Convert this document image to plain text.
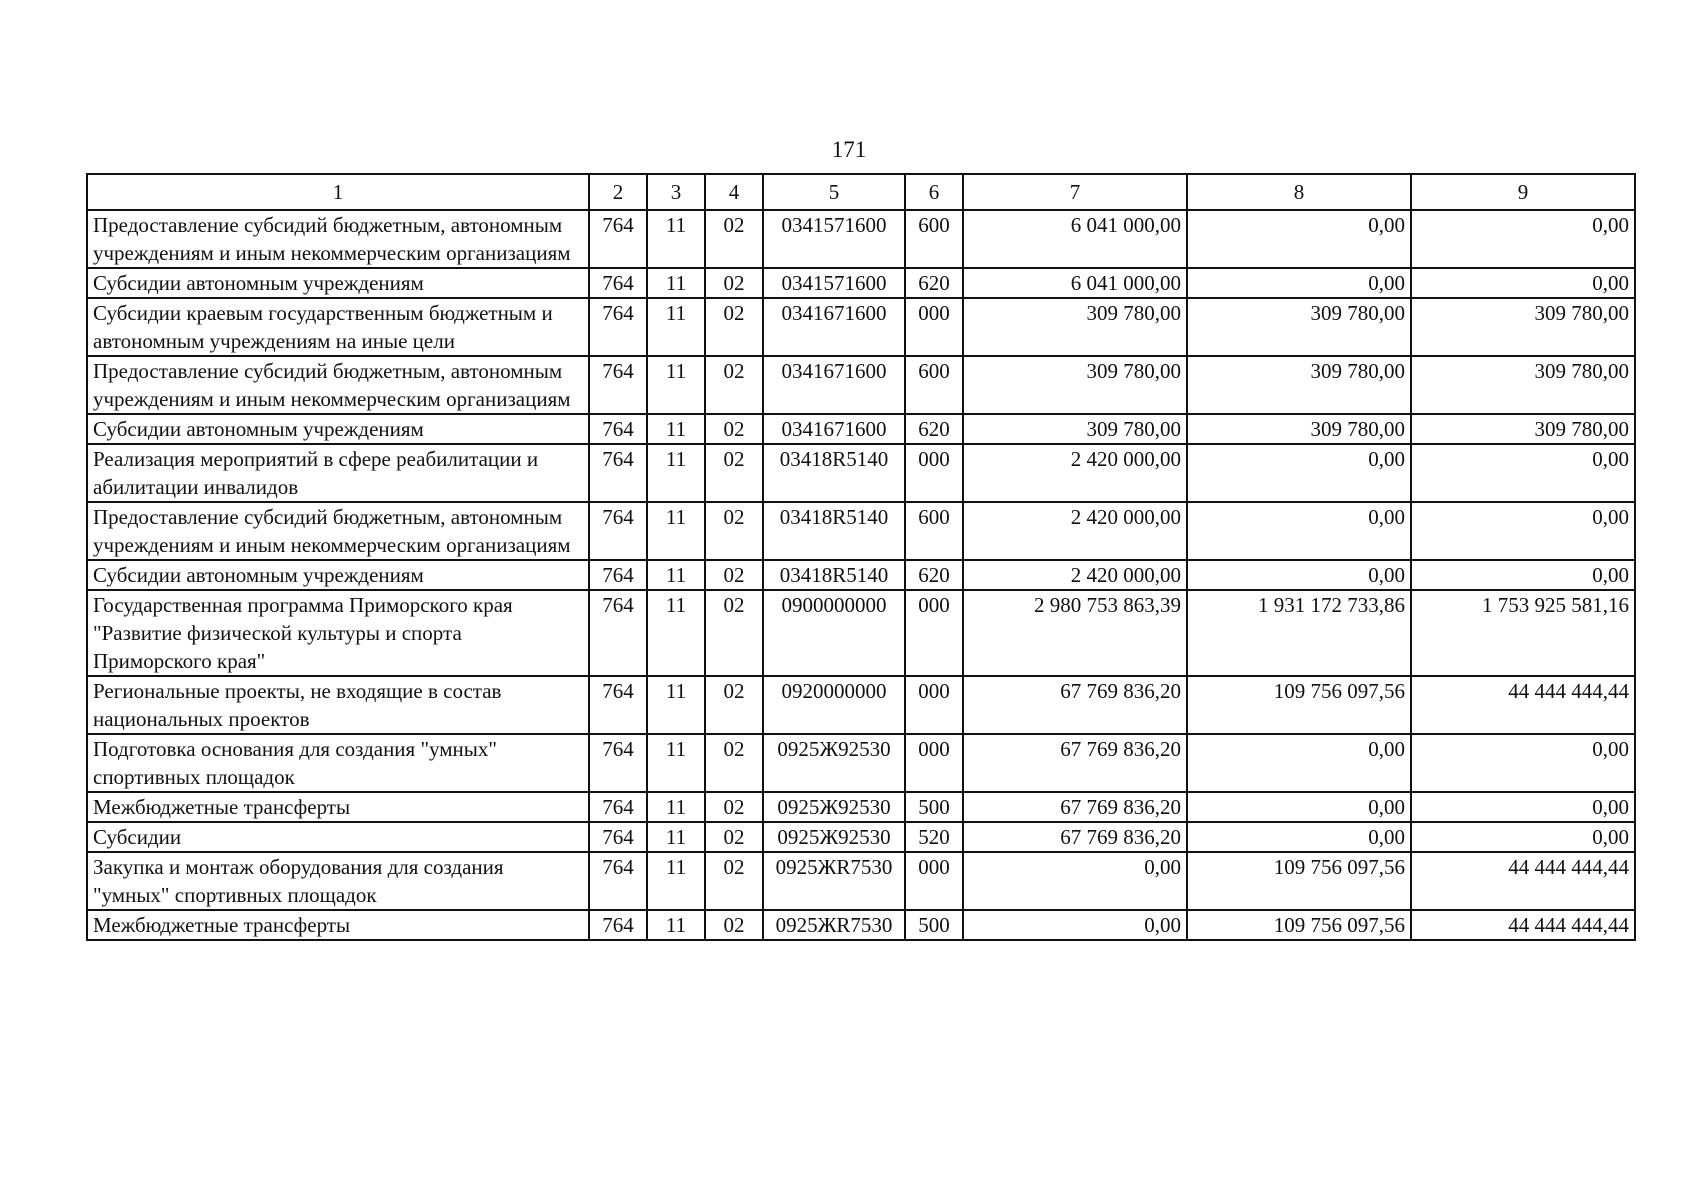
171
1	2	3	4	5	6	7	8	9
Предоставление субсидий бюджетным, автономным учреждениям и иным некоммерческим организациям	764	11	02	0341571600	600	6 041 000,00	0,00	0,00
Субсидии автономным учреждениям	764	11	02	0341571600	620	6 041 000,00	0,00	0,00
Субсидии краевым государственным бюджетным и автономным учреждениям на иные цели	764	11	02	0341671600	000	309 780,00	309 780,00	309 780,00
Предоставление субсидий бюджетным, автономным учреждениям и иным некоммерческим организациям	764	11	02	0341671600	600	309 780,00	309 780,00	309 780,00
Субсидии автономным учреждениям	764	11	02	0341671600	620	309 780,00	309 780,00	309 780,00
Реализация мероприятий в сфере реабилитации и абилитации инвалидов	764	11	02	03418R5140	000	2 420 000,00	0,00	0,00
Предоставление субсидий бюджетным, автономным учреждениям и иным некоммерческим организациям	764	11	02	03418R5140	600	2 420 000,00	0,00	0,00
Субсидии автономным учреждениям	764	11	02	03418R5140	620	2 420 000,00	0,00	0,00
Государственная программа Приморского края "Развитие физической культуры и спорта Приморского края"	764	11	02	0900000000	000	2 980 753 863,39	1 931 172 733,86	1 753 925 581,16
Региональные проекты, не входящие в состав национальных проектов	764	11	02	0920000000	000	67 769 836,20	109 756 097,56	44 444 444,44
Подготовка основания для создания "умных" спортивных площадок	764	11	02	0925Ж92530	000	67 769 836,20	0,00	0,00
Межбюджетные трансферты	764	11	02	0925Ж92530	500	67 769 836,20	0,00	0,00
Субсидии	764	11	02	0925Ж92530	520	67 769 836,20	0,00	0,00
Закупка и монтаж оборудования для создания "умных" спортивных площадок	764	11	02	0925ЖR7530	000	0,00	109 756 097,56	44 444 444,44
Межбюджетные трансферты	764	11	02	0925ЖR7530	500	0,00	109 756 097,56	44 444 444,44
